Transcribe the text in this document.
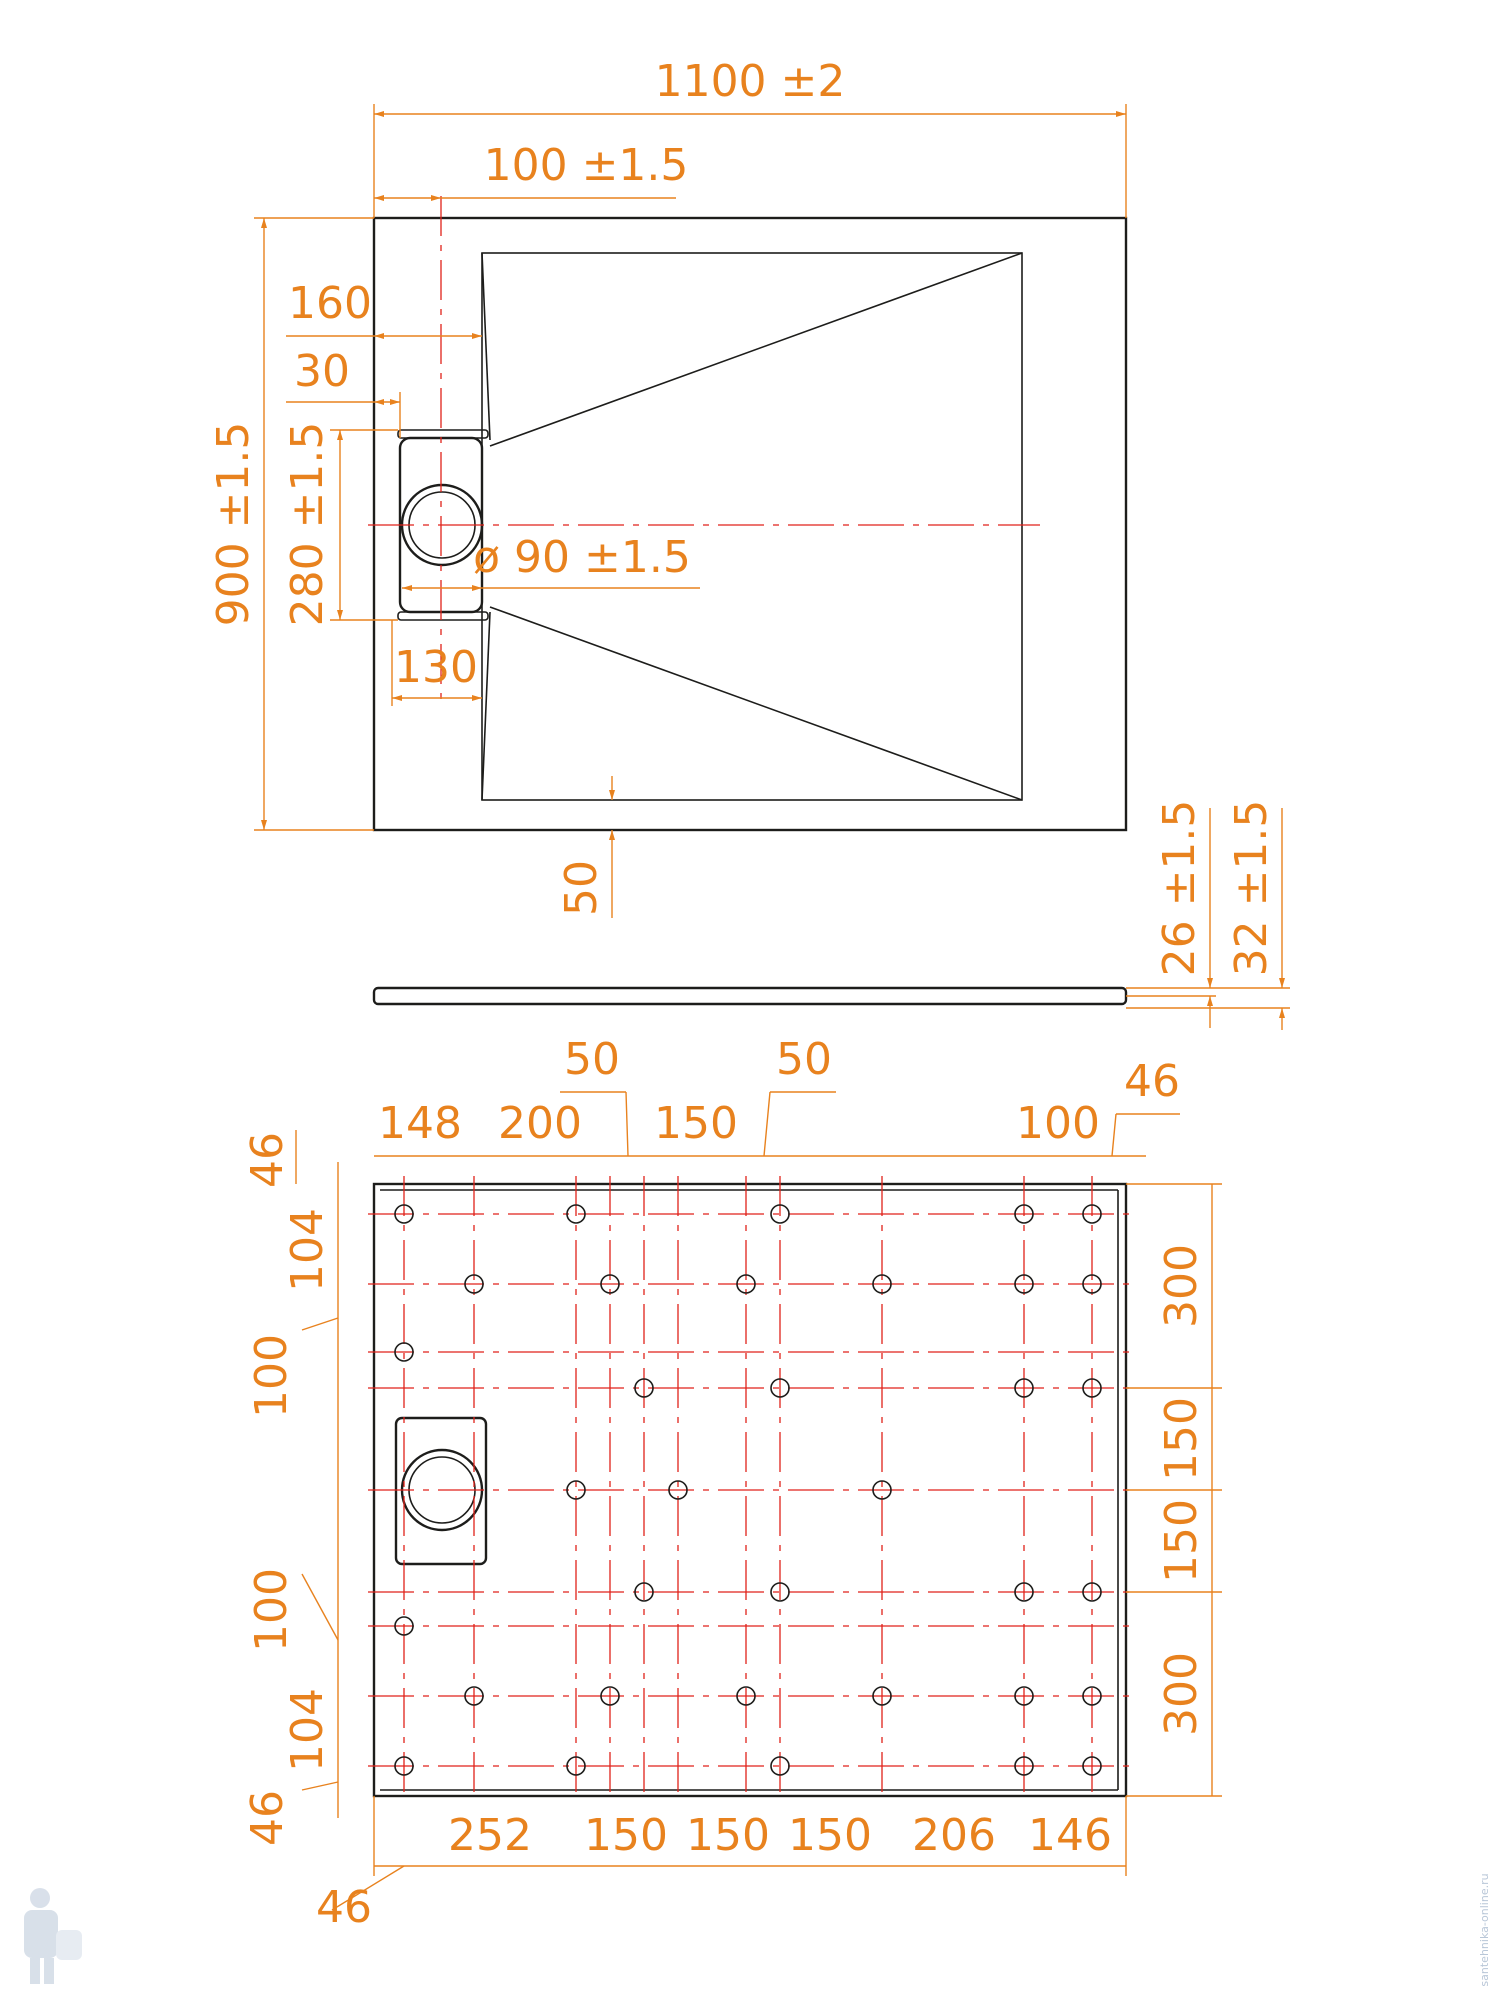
1100 ±2
100 ±1.5
160
30
900 ±1.5 280 ±1.5	ø 90 ±1.5
130
50	26 ±1.5 32 ±1.5
50	50	46
148 200 150	100
46
104
100
100
104
46
300
150
150
300
252 150 150 150 206 146
46	santehnika-online.ru
